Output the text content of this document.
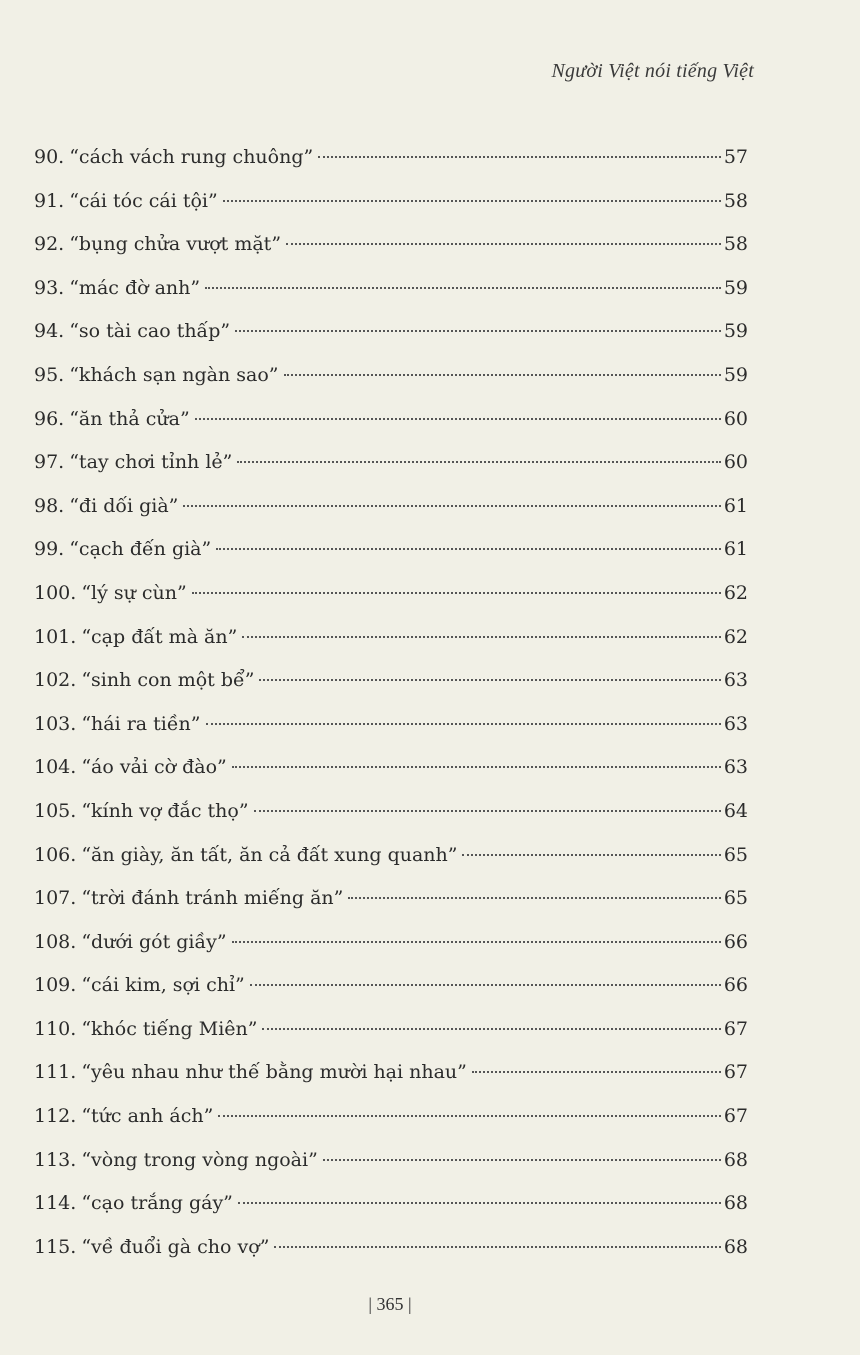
Người Việt nói tiếng Việt
90. “cách vách rung chuông”	57
91. “cái tóc cái tội”	58
92. “bụng chửa vượt mặt”	58
93. “mác đờ anh”	59
94. “so tài cao thấp”	59
95. “khách sạn ngàn sao”	59
96. “ăn thả cửa”	60
97. “tay chơi tỉnh lẻ”	60
98. “đi dối già”	61
99. “cạch đến già”	61
100. “lý sự cùn”	62
101. “cạp đất mà ăn”	62
102. “sinh con một bể”	63
103. “hái ra tiền”	63
104. “áo vải cờ đào”	63
105. “kính vợ đắc thọ”	64
106. “ăn giày, ăn tất, ăn cả đất xung quanh”	65
107. “trời đánh tránh miếng ăn”	65
108. “dưới gót giầy”	66
109. “cái kim, sợi chỉ”	66
110. “khóc tiếng Miên”	67
111. “yêu nhau như thế bằng mười hại nhau”	67
112. “tức anh ách”	67
113. “vòng trong vòng ngoài”	68
114. “cạo trắng gáy”	68
115. “về đuổi gà cho vợ”	68
| 365 |
